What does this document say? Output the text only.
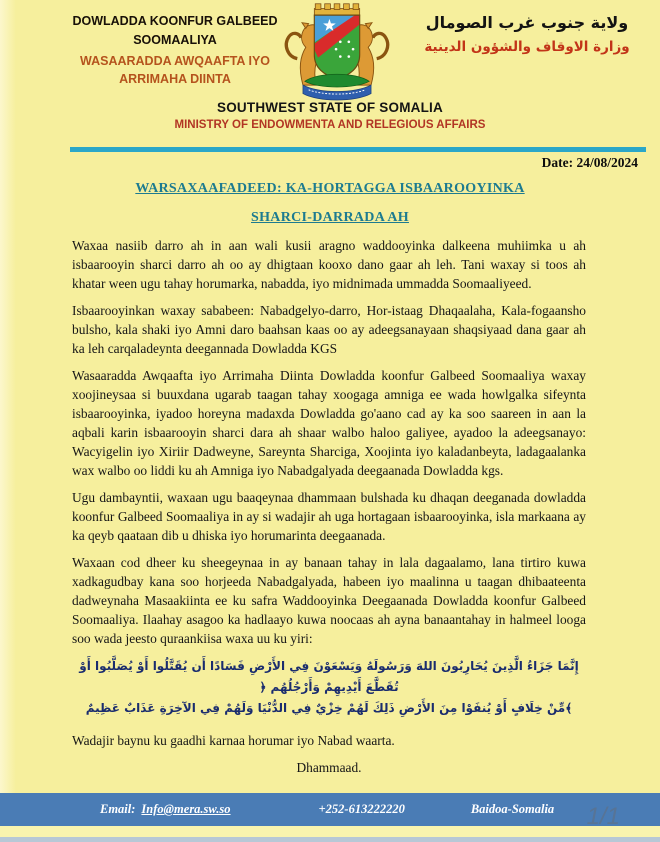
DOWLADDA KOONFUR GALBEED SOOMAALIYA
WASAARADDA AWQAAFTA IYO ARRIMAHA DIINTA
ولاية جنوب غرب الصومال
وزارة الاوقاف والشؤون الدينية
SOUTHWEST STATE OF SOMALIA
MINISTRY OF ENDOWMENTA AND RELEGIOUS AFFAIRS
Date: 24/08/2024
WARSAXAAFADEED: KA-HORTAGGA ISBAAROOYINKA
SHARCI-DARRADA AH

Waxaa nasiib darro ah in aan wali kusii aragno waddooyinka dalkeena muhiimka u ah isbaarooyin sharci darro ah oo ay dhigtaan kooxo dano gaar ah leh. Tani waxay si toos ah khatar ween ugu tahay horumarka, nabadda, iyo midnimada ummadda Soomaaliyeed.

Isbaarooyinkan waxay sababeen: Nabadgelyo-darro, Hor-istaag Dhaqaalaha, Kala-fogaansho bulsho, kala shaki iyo Amni daro baahsan kaas oo ay adeegsanayaan shaqsiyaad dana gaar ah ka leh carqaladeynta deegannada Dowladda KGS

Wasaaradda Awqaafta iyo Arrimaha Diinta Dowladda koonfur Galbeed Soomaaliya waxay xoojineysaa si buuxdana ugarab taagan tahay xoogaga amniga ee wada howlgalka sifeynta isbaarooyinka, iyadoo horeyna madaxda Dowladda go'aano cad ay ka soo saareen in aan la aqbali karin isbaarooyin sharci dara ah shaar walbo haloo galiyee, ayadoo la adeegsanayo: Wacyigelin iyo Xiriir Dadweyne, Sareynta Sharciga, Xoojinta iyo kaladanbeyta, ladagaalanka wax walbo oo liddi ku ah Amniga iyo Nabadgalyada deegaanada Dowladda kgs.

Ugu dambayntii, waxaan ugu baaqeynaa dhammaan bulshada ku dhaqan deeganada dowladda koonfur Galbeed Soomaaliya in ay si wadajir ah uga hortagaan isbaarooyinka, isla markaana ay ka qeyb qaataan dib u dhiska iyo horumarinta deegaanada.

Waxaan cod dheer ku sheegeynaa in ay banaan tahay in lala dagaalamo, lana tirtiro kuwa xadkagudbay kana soo horjeeda Nabadgalyada, habeen iyo maalinna u taagan dhibaateenta dadweynaha Masaakiinta ee ku safra Waddooyinka Deegaanada Dowladda koonfur Galbeed Soomaaliya. Ilaahay asagoo ka hadlaayo kuwa noocaas ah ayna banaantahay in halmeel looga soo wada jeesto quraankiisa waxa uu ku yiri:

إِنَّمَا جَزَاءُ الَّذِينَ يُحَارِبُونَ اللهَ وَرَسُولَهُ وَيَسْعَوْنَ فِي الأَرْضِ فَسَادًا أَن يُقَتَّلُوا أَوْ يُصَلَّبُوا أَوْ تُقَطَّعَ أَيْدِيهِمْ وَأَرْجُلُهُم ﴿
﴾مِّنْ خِلَافٍ أَوْ يُنفَوْا مِنَ الأَرْضِ ذَلِكَ لَهُمْ خِزْيٌ فِي الدُّنْيَا وَلَهُمْ فِي الآخِرَةِ عَذَابٌ عَظِيمٌ

Wadajir baynu ku gaadhi karnaa horumar iyo Nabad waarta.

Dhammaad.

Email: Info@mera.sw.so	+252-613222220	Baidoa-Somalia 1/1
